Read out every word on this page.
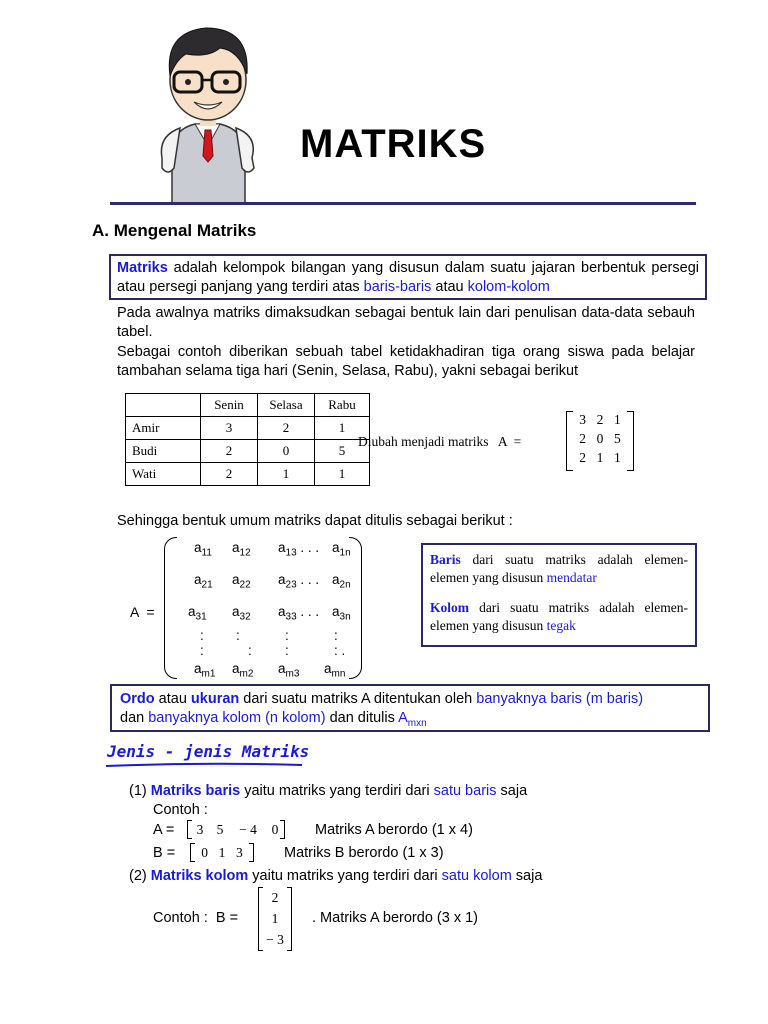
MATRIKS
A. Mengenal Matriks
Matriks adalah kelompok bilangan yang disusun dalam suatu jajaran berbentuk persegi atau persegi panjang yang terdiri atas baris-baris atau kolom-kolom
Pada awalnya matriks dimaksudkan sebagai bentuk lain dari penulisan data-data sebauh tabel.
Sebagai contoh diberikan sebuah tabel ketidakhadiran tiga orang siswa pada belajar tambahan selama tiga hari (Senin, Selasa, Rabu), yakni sebagai berikut
	Senin	Selasa	Rabu
Amir	3	2	1
Budi	2	0	5
Wati	2	1	1
Diubah menjadi matriks   A  =
3 2 1
2 0 5
2 1 1
Sehingga bentuk umum matriks dapat ditulis sebagai berikut :
A  =
$a_{11}$ $a_{12}$ $a_{13}$ . . . $a_{1n}$
$a_{21}$ $a_{22}$ $a_{23}$ . . . $a_{2n}$
$a_{31}$ $a_{32}$ $a_{33}$ . . . $a_{3n}$
: :	:	:
:	: :	: .
$a_{m1}$ $a_{m2}$ $a_{m3}$ $a_{mn}$
Baris dari suatu matriks adalah elemen- elemen yang disusun mendatar
Kolom dari suatu matriks adalah elemen- elemen yang disusun tegak
Ordo atau ukuran dari suatu matriks A ditentukan oleh banyaknya baris (m baris)
dan banyaknya kolom (n kolom) dan ditulis $A_{mxn}$
Jenis - jenis Matriks
(1) Matriks baris yaitu matriks yang terdiri dari satu baris saja
Contoh :
A =	3 5	− 4	0	Matriks A berordo (1 x 4)
B =	0 1 3	Matriks B berordo (1 x 3)
(2) Matriks kolom yaitu matriks yang terdiri dari satu kolom saja
Contoh :  B =
2
1
− 3
. Matriks A berordo (3 x 1)
